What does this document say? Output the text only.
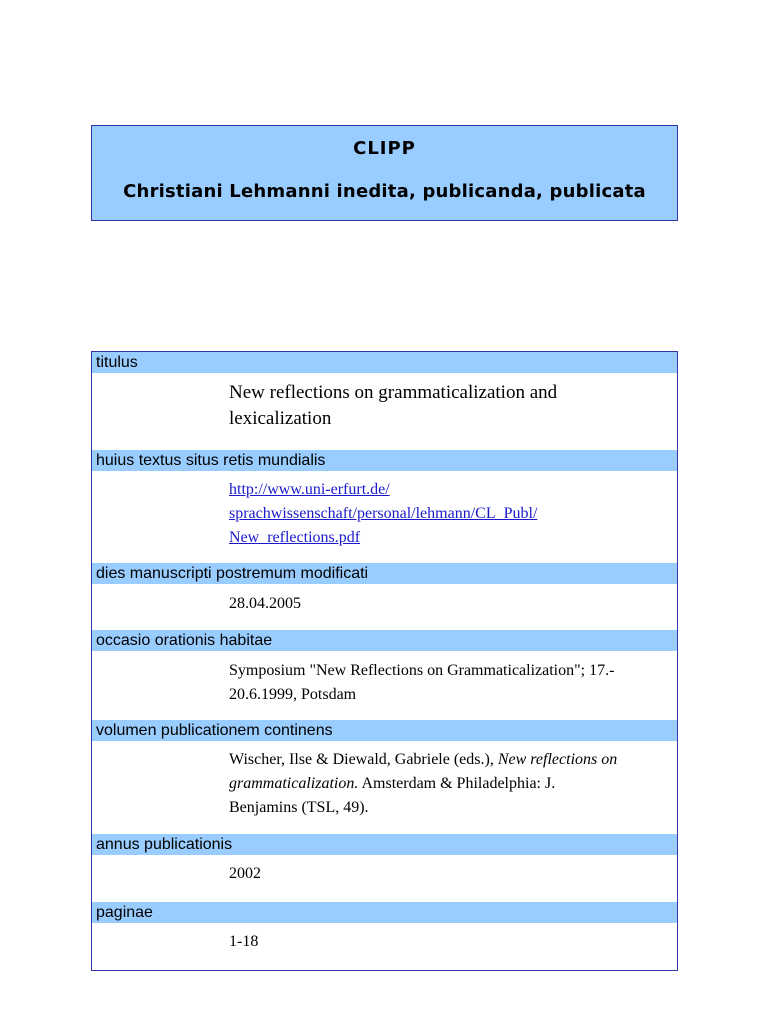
CLIPP
Christiani Lehmanni inedita, publicanda, publicata
titulus
New reflections on grammaticalization and
lexicalization
huius textus situs retis mundialis
http://www.uni-erfurt.de/
sprachwissenschaft/personal/lehmann/CL_Publ/
New_reflections.pdf
dies manuscripti postremum modificati
28.04.2005
occasio orationis habitae
Symposium "New Reflections on Grammaticalization"; 17.-
20.6.1999, Potsdam
volumen publicationem continens
Wischer, Ilse & Diewald, Gabriele (eds.), New reflections on
grammaticalization. Amsterdam & Philadelphia: J.
Benjamins (TSL, 49).
annus publicationis
2002
paginae
1-18
